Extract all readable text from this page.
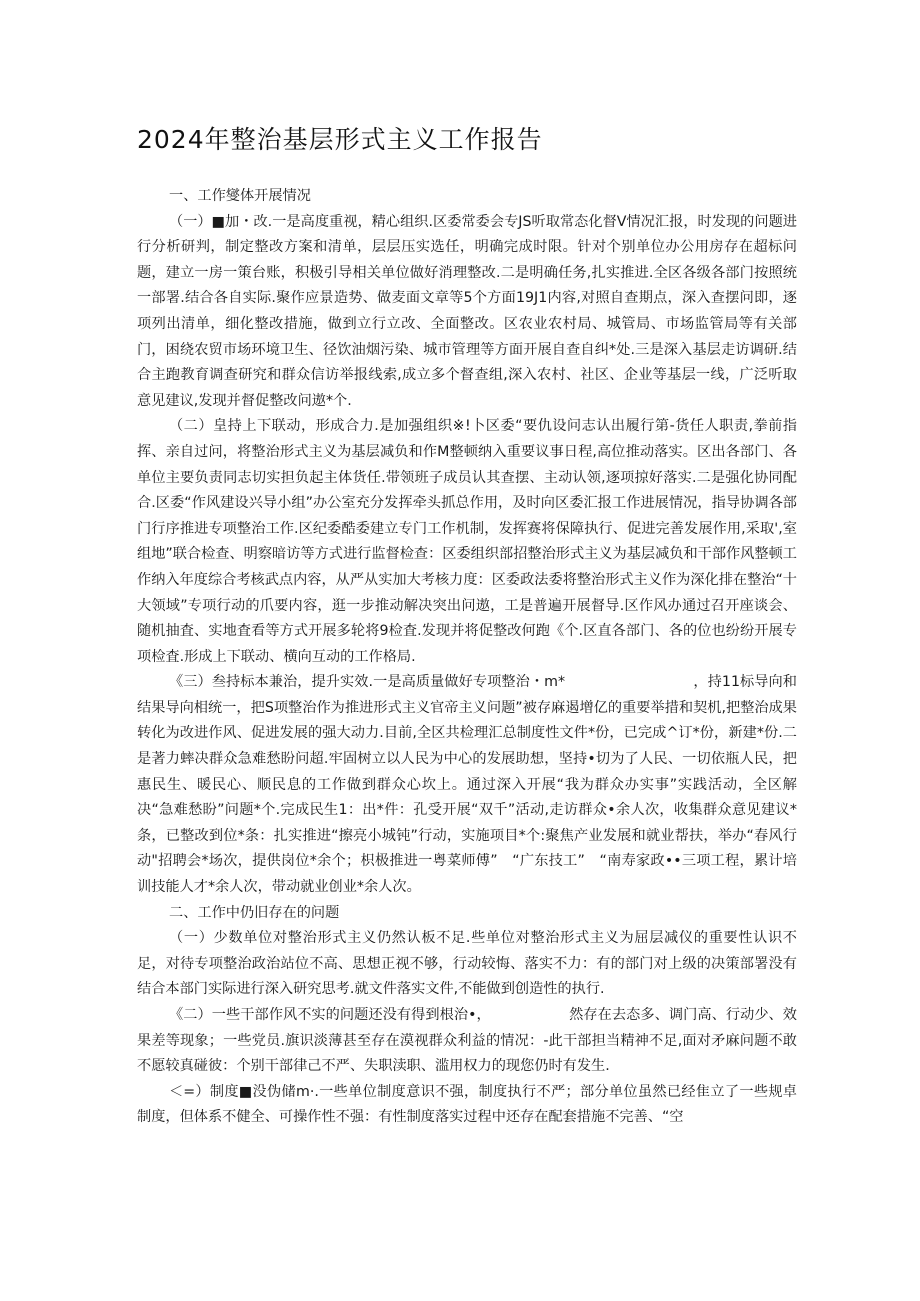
2024年整治基层形式主义工作报告

一、工作燮体开展情况

（一）■加・改.一是高度重视，精心组织.区委常委会专JS听取常态化督V情况汇报，时发现的问题进行分析研判，制定整改方案和清单，层层压实选任，明确完成时限。针对个别单位办公用房存在超标问题，建立一房一策台账，积极引导相关单位做好消理整改.二是明确任务,扎实推进.全区各级各部门按照统一部署.结合各自实际.聚作应景造势、做麦面文章等5个方面19J1内容,对照自查期点，深入查摆问即，逐项列出清单，细化整改措施，做到立行立改、全面整改。区农业农村局、城管局、市场监管局等有关部门，困绕农贸市场环境卫生、径饮油烟污染、城市管理等方面开展自查自纠*处.三是深入基层走访调研.结合主跑教育调查研究和群众信访举报线索,成立多个督查组,深入农村、社区、企业等基层一线，广泛听取意见建议,发现并督促整改问遨*个.

（二）皇持上下联动，形成合力.是加强组织※!卜区委“要仇设问志认出履行第-货任人职责,拳前指挥、亲自过问，将整治形式主义为基层减负和作M整顿纳入重要议事日程,高位推动落实。区出各部门、各单位主要负责同志切实担负起主体货任.带领班子成员认其查摆、主动认领,逐项掠好落实.二是强化协同配合.区委“作风建设兴导小组”办公室充分发挥牵头抓总作用，及时向区委汇报工作进展情况，指导协调各部门行序推进专项整治工作.区纪委酷委建立专门工作机制，发挥赛将保障执行、促进完善发展作用,采取',室组地”联合检查、明察暗访等方式进行监督检查：区委组织部招整治形式主义为基层减负和干部作风整顿工作纳入年度综合考核武点内容，从严从实加大考核力度：区委政法委将整治形式主义作为深化排在整治“十大领域”专项行动的爪要内容，逛一步推动解决突出问遨，工是普遍开展督导.区作风办通过召开座谈会、随机抽査、实地査看等方式开展多轮将9检査.发现并将促整改何跑《个.区直各部门、各的位也纷纷开展专项检査.形成上下联动、横向互动的工作格局.

《三）叁持标本兼治，提升实效.一是高质量做好专项整治・m*　　　　　　　　　，持11标导向和结果导向相统一，把S项整治作为推进形式主义官帝主义问题”被存麻遏增亿的重要举措和契机,把整治成果转化为改进作风、促进发展的强大动力.目前,全区共检理汇总制度性文件*份，已完成^订*份，新建*份.二是著力蟀决群众急难愁盼问超.牢固树立以人民为中心的发展助想，坚持•切为了人民、一切依瓶人民，把惠民生、暖民心、顺民息的工作做到群众心坎上。通过深入开展“我为群众办实事”实践活动，全区解决“急难愁盼”问题*个.完成民生1：出*件：孔受开展“双千”活动,走访群众•余人次，收集群众意见建议*条，已整改到位*条：扎实推进“擦亮小城钝”行动，实施项目*个:聚焦产业发展和就业帮扶，举办“春风行动"招聘会*场次，提供岗位*余个；枳极推进一粤菜师傅”　“广东技工”　“南寿家政••三项工程，累计培训技能人才*余人次，带动就业创业*余人次。

二、工作中仍旧存在的问题

（一）少数单位对整治形式主义仍然认板不足.些单位对整治形式主义为屈层减仪的重要性认识不足，对待专项整治政治站位不高、思想正视不够，行动较悔、落实不力：有的部门对上级的决策部署没有结合本部门实际进行深入研究思考.就文件落实文件,不能做到创造性的执行.

《二）一些干部作风不实的问题还没有得到根治•，　　　　　　然存在去态多、调门高、行动少、效果差等现象；一些党员.旗识淡薄甚至存在漠视群众利益的情况：-此干部担当精神不足,面对矛麻问题不敢不愿较真碰彼：个别干部律己不严、失职渎职、滥用权力的现您仍时有发生.

＜=）制度■没伪储m·.一些单位制度意识不强，制度执行不严；部分单位虽然已经隹立了一些规卓制度，但体系不健全、可操作性不强：有性制度落实过程中还存在配套措施不完善、“空
